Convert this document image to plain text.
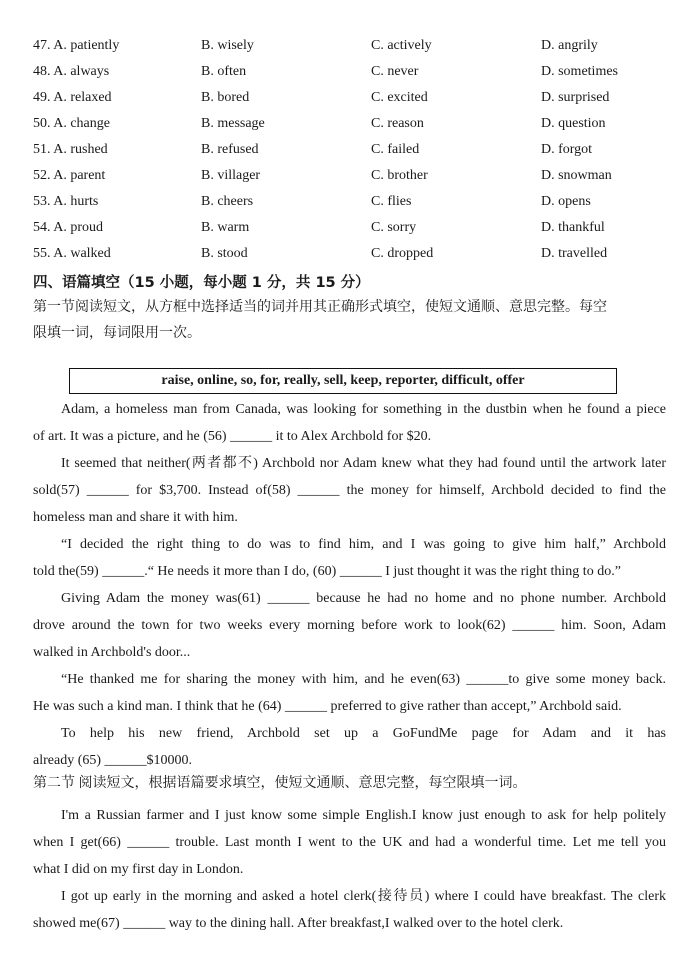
47. A. patiently	B. wisely	C. actively	D. angrily
48. A. always	B. often	C. never	D. sometimes
49. A. relaxed	B. bored	C. excited	D. surprised
50. A. change	B. message	C. reason	D. question
51. A. rushed	B. refused	C. failed	D. forgot
52. A. parent	B. villager	C. brother	D. snowman
53. A. hurts	B. cheers	C. flies	D. opens
54. A. proud	B. warm	C. sorry	D. thankful
55. A. walked	B. stood	C. dropped	D. travelled
四、语篇填空（15 小题，每小题 1 分，共 15 分）
第一节阅读短文，从方框中选择适当的词并用其正确形式填空，使短文通顺、意思完整。每空
限填一词，每词限用一次。
raise, online, so, for, really, sell, keep, reporter, difficult, offer
Adam, a homeless man from Canada, was looking for something in the dustbin when he found a piece
of art. It was a picture, and he (56) ______ it to Alex Archbold for $20.
It seemed that neither(两者都不) Archbold nor Adam knew what they had found until the artwork later
sold(57) ______ for $3,700. Instead of(58) ______ the money for himself, Archbold decided to find the
homeless man and share it with him.
“I decided the right thing to do was to find him, and I was going to give him half,” Archbold
told the(59) ______.“ He needs it more than I do, (60) ______ I just thought it was the right thing to do.”
Giving Adam the money was(61) ______ because he had no home and no phone number. Archbold
drove around the town for two weeks every morning before work to look(62) ______ him. Soon, Adam
walked in Archbold's door...
“He thanked me for sharing the money with him, and he even(63) ______to give some money back.
He was such a kind man. I think that he (64) ______ preferred to give rather than accept,” Archbold said.
To help his new friend, Archbold set up a GoFundMe page for Adam and it has
already (65) ______$10000.
第二节 阅读短文，根据语篇要求填空，使短文通顺、意思完整，每空限填一词。
I'm a Russian farmer and I just know some simple English.I know just enough to ask for help politely
when I get(66) ______ trouble. Last month I went to the UK and had a wonderful time. Let me tell you
what I did on my first day in London.
I got up early in the morning and asked a hotel clerk(接待员) where I could have breakfast. The clerk
showed me(67) ______ way to the dining hall. After breakfast,I walked over to the hotel clerk.
